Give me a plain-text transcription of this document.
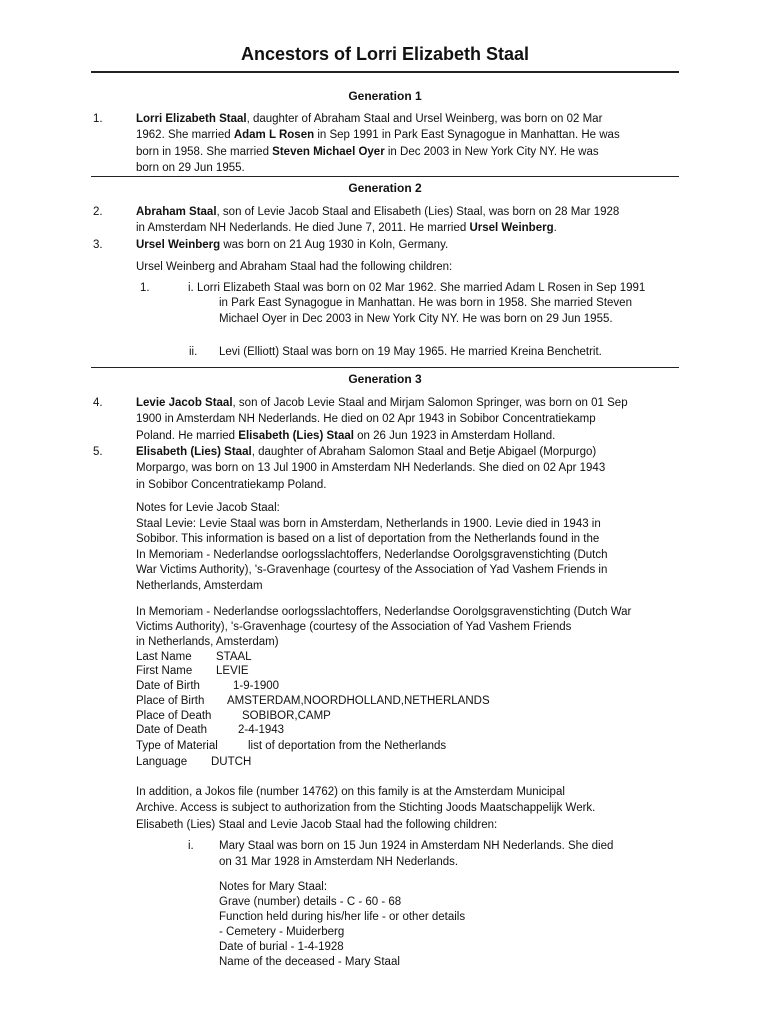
Ancestors of Lorri Elizabeth Staal
Generation 1
1.	Lorri Elizabeth Staal, daughter of Abraham Staal and Ursel Weinberg, was born on 02 Mar
1962. She married Adam L Rosen in Sep 1991 in Park East Synagogue in Manhattan. He was
born in 1958. She married Steven Michael Oyer in Dec 2003 in New York City NY. He was
born on 29 Jun 1955.
Generation 2
2.	Abraham Staal, son of Levie Jacob Staal and Elisabeth (Lies) Staal, was born on 28 Mar 1928
in Amsterdam NH Nederlands. He died June 7, 2011. He married Ursel Weinberg.
3.	Ursel Weinberg was born on 21 Aug 1930 in Koln, Germany.
Ursel Weinberg and Abraham Staal had the following children:
1.	i. Lorri Elizabeth Staal was born on 02 Mar 1962. She married Adam L Rosen in Sep 1991
in Park East Synagogue in Manhattan. He was born in 1958. She married Steven
Michael Oyer in Dec 2003 in New York City NY. He was born on 29 Jun 1955.
ii. Levi (Elliott) Staal was born on 19 May 1965. He married Kreina Benchetrit.
Generation 3
4.	Levie Jacob Staal, son of Jacob Levie Staal and Mirjam Salomon Springer, was born on 01 Sep
1900 in Amsterdam NH Nederlands. He died on 02 Apr 1943 in Sobibor Concentratiekamp
Poland. He married Elisabeth (Lies) Staal on 26 Jun 1923 in Amsterdam Holland.
5.	Elisabeth (Lies) Staal, daughter of Abraham Salomon Staal and Betje Abigael (Morpurgo)
Morpargo, was born on 13 Jul 1900 in Amsterdam NH Nederlands. She died on 02 Apr 1943
in Sobibor Concentratiekamp Poland.
Notes for Levie Jacob Staal:
Staal Levie: Levie Staal was born in Amsterdam, Netherlands in 1900. Levie died in 1943 in
Sobibor. This information is based on a list of deportation from the Netherlands found in the
In Memoriam - Nederlandse oorlogsslachtoffers, Nederlandse Oorolgsgravenstichting (Dutch
War Victims Authority), 's-Gravenhage (courtesy of the Association of Yad Vashem Friends in
Netherlands, Amsterdam
In Memoriam - Nederlandse oorlogsslachtoffers, Nederlandse Oorolgsgravenstichting (Dutch War
Victims Authority), 's-Gravenhage (courtesy of the Association of Yad Vashem Friends
in Netherlands, Amsterdam)
Last Name STAAL
First Name LEVIE
Date of Birth	1-9-1900
Place of Birth AMSTERDAM,NOORDHOLLAND,NETHERLANDS
Place of Death	SOBIBOR,CAMP
Date of Death	2-4-1943
Type of Material	list of deportation from the Netherlands
Language DUTCH
In addition, a Jokos file (number 14762) on this family is at the Amsterdam Municipal
Archive. Access is subject to authorization from the Stichting Joods Maatschappelijk Werk.
Elisabeth (Lies) Staal and Levie Jacob Staal had the following children:
i. Mary Staal was born on 15 Jun 1924 in Amsterdam NH Nederlands. She died
on 31 Mar 1928 in Amsterdam NH Nederlands.
Notes for Mary Staal:
Grave (number) details - C - 60 - 68
Function held during his/her life - or other details
- Cemetery - Muiderberg
Date of burial - 1-4-1928
Name of the deceased - Mary Staal
